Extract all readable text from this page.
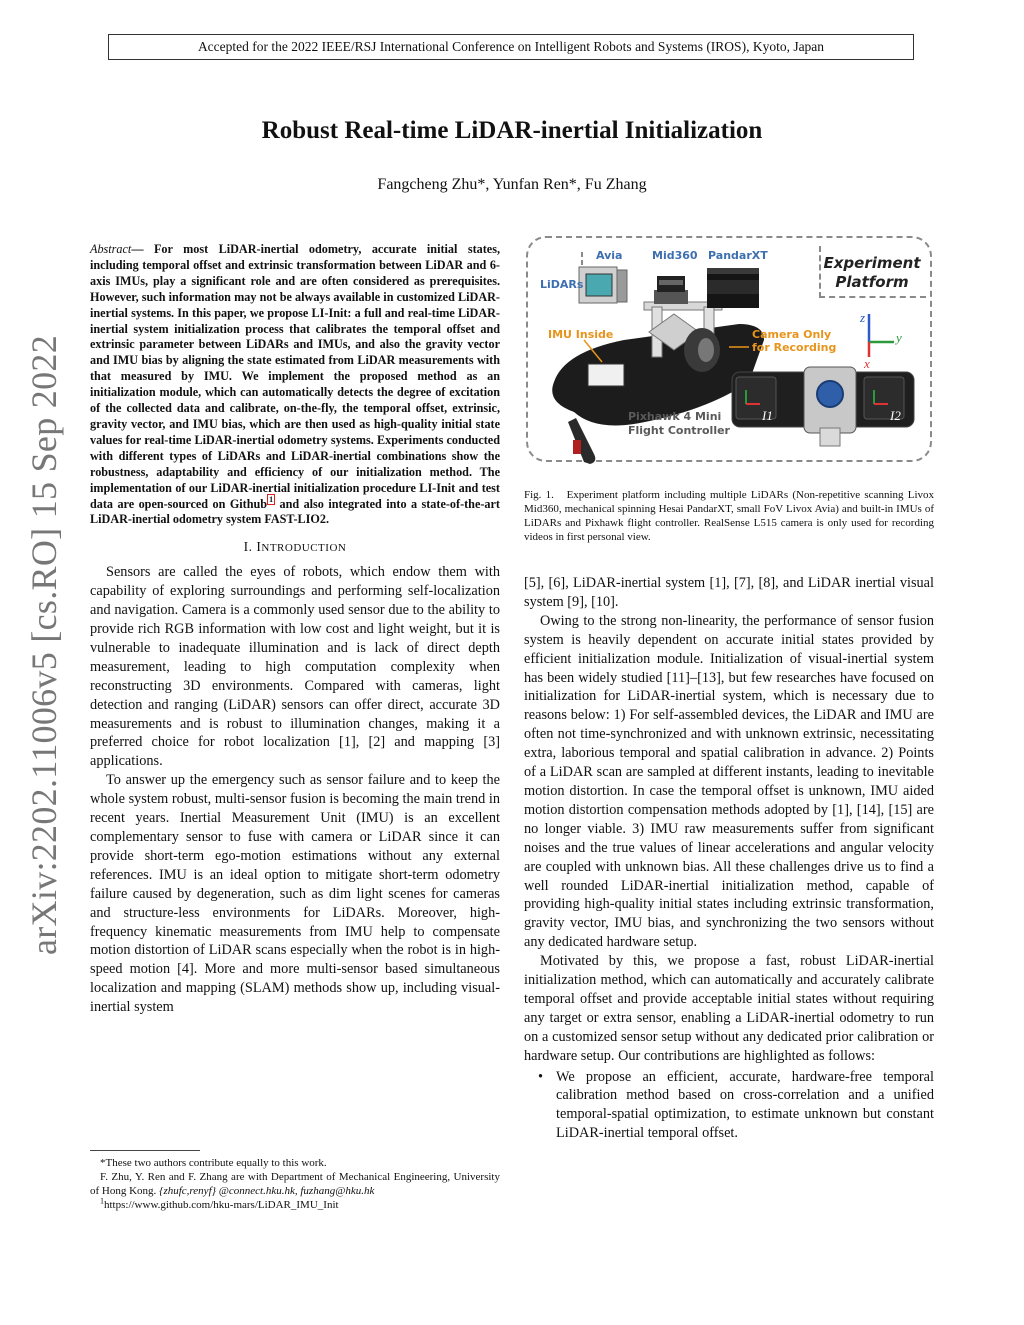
Accepted for the 2022 IEEE/RSJ International Conference on Intelligent Robots and Systems (IROS), Kyoto, Japan
Robust Real-time LiDAR-inertial Initialization
Fangcheng Zhu*, Yunfan Ren*, Fu Zhang
arXiv:2202.11006v5 [cs.RO] 15 Sep 2022

Abstract— For most LiDAR-inertial odometry, accurate initial states, including temporal offset and extrinsic transformation between LiDAR and 6-axis IMUs, play a significant role and are often considered as prerequisites. However, such information may not be always available in customized LiDAR-inertial systems. In this paper, we propose LI-Init: a full and real-time LiDAR-inertial system initialization process that calibrates the temporal offset and extrinsic parameter between LiDARs and IMUs, and also the gravity vector and IMU bias by aligning the state estimated from LiDAR measurements with that measured by IMU. We implement the proposed method as an initialization module, which can automatically detects the degree of excitation of the collected data and calibrate, on-the-fly, the temporal offset, extrinsic, gravity vector, and IMU bias, which are then used as high-quality initial state values for real-time LiDAR-inertial odometry systems. Experiments conducted with different types of LiDARs and LiDAR-inertial combinations show the robustness, adaptability and efficiency of our initialization method. The implementation of our LiDAR-inertial initialization procedure LI-Init and test data are open-sourced on Github $^1$ and also integrated into a state-of-the-art LiDAR-inertial odometry system FAST-LIO2.

I. INTRODUCTION

Sensors are called the eyes of robots, which endow them with capability of exploring surroundings and performing self-localization and navigation. Camera is a commonly used sensor due to the ability to provide rich RGB information with low cost and light weight, but it is vulnerable to inadequate illumination and is lack of direct depth measurement, leading to high computation complexity when reconstructing 3D environments. Compared with cameras, light detection and ranging (LiDAR) sensors can offer direct, accurate 3D measurements and is robust to illumination changes, making it a preferred choice for robot localization [1], [2] and mapping [3] applications.

To answer up the emergency such as sensor failure and to keep the whole system robust, multi-sensor fusion is becoming the main trend in recent years. Inertial Measurement Unit (IMU) is an excellent complementary sensor to fuse with camera or LiDAR since it can provide short-term ego-motion estimations without any external references. IMU is an ideal option to mitigate short-term odometry failure caused by degeneration, such as dim light scenes for cameras and structure-less environments for LiDARs. Moreover, high-frequency kinematic measurements from IMU help to compensate motion distortion of LiDAR scans especially when the robot is in high-speed motion [4]. More and more multi-sensor based simultaneous localization and mapping (SLAM) methods show up, including visual-inertial system

*These two authors contribute equally to this work.

F. Zhu, Y. Ren and F. Zhang are with Department of Mechanical Engineering, University of Hong Kong. {zhufc,renyf} @connect.hku.hk, fuzhang@hku.hk

$^1$https://www.github.com/hku-mars/LiDAR_IMU_Init

Experiment
Platform
LiDARs
Avia	Mid360 PandarXT
IMU Inside	Camera Only
for Recording
Pixhawk 4 Mini
Flight Controller
z
y
x
I1	I2
Fig. 1. Experiment platform including multiple LiDARs (Non-repetitive scanning Livox Mid360, mechanical spinning Hesai PandarXT, small FoV Livox Avia) and built-in IMUs of LiDARs and Pixhawk flight controller. RealSense L515 camera is only used for recording videos in first personal view.

[5], [6], LiDAR-inertial system [1], [7], [8], and LiDAR inertial visual system [9], [10].

Owing to the strong non-linearity, the performance of sensor fusion system is heavily dependent on accurate initial states provided by efficient initialization module. Initialization of visual-inertial system has been widely studied [11]–[13], but few researches have focused on initialization for LiDAR-inertial system, which is necessary due to reasons below: 1) For self-assembled devices, the LiDAR and IMU are often not time-synchronized and with unknown extrinsic, necessitating extra, laborious temporal and spatial calibration in advance. 2) Points of a LiDAR scan are sampled at different instants, leading to inevitable motion distortion. In case the temporal offset is unknown, IMU aided motion distortion compensation methods adopted by [1], [14], [15] are no longer viable. 3) IMU raw measurements suffer from significant noises and the true values of linear accelerations and angular velocity are coupled with unknown bias. All these challenges drive us to find a well rounded LiDAR-inertial initialization method, capable of providing high-quality initial states including extrinsic transformation, gravity vector, IMU bias, and synchronizing the two sensors without any dedicated hardware setup.

Motivated by this, we propose a fast, robust LiDAR-inertial initialization method, which can automatically and accurately calibrate temporal offset and provide acceptable initial states without requiring any target or extra sensor, enabling a LiDAR-inertial odometry to run on a customized sensor setup without any dedicated prior calibration or hardware setup. Our contributions are highlighted as follows:

• We propose an efficient, accurate, hardware-free temporal calibration method based on cross-correlation and a unified temporal-spatial optimization, to estimate unknown but constant LiDAR-inertial temporal offset.
